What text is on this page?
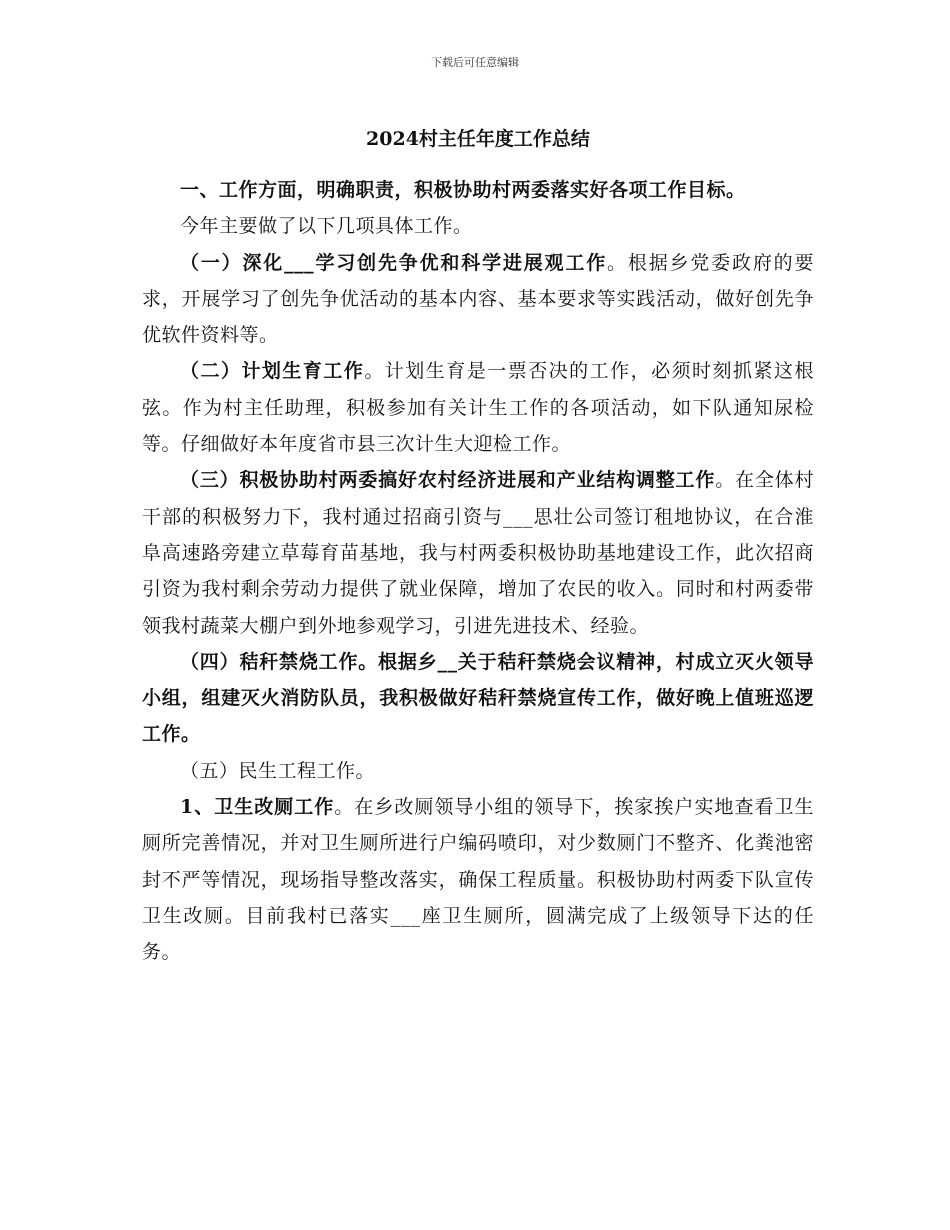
下载后可任意编辑
2024村主任年度工作总结

一、工作方面，明确职责，积极协助村两委落实好各项工作目标。

今年主要做了以下几项具体工作。

（一）深化___学习创先争优和科学进展观工作。根据乡党委政府的要求，开展学习了创先争优活动的基本内容、基本要求等实践活动，做好创先争优软件资料等。

（二）计划生育工作。计划生育是一票否决的工作，必须时刻抓紧这根弦。作为村主任助理，积极参加有关计生工作的各项活动，如下队通知尿检等。仔细做好本年度省市县三次计生大迎检工作。

（三）积极协助村两委搞好农村经济进展和产业结构调整工作。在全体村干部的积极努力下，我村通过招商引资与___思壮公司签订租地协议，在合淮阜高速路旁建立草莓育苗基地，我与村两委积极协助基地建设工作，此次招商引资为我村剩余劳动力提供了就业保障，增加了农民的收入。同时和村两委带领我村蔬菜大棚户到外地参观学习，引进先进技术、经验。

（四）秸秆禁烧工作。根据乡__关于秸秆禁烧会议精神，村成立灭火领导小组，组建灭火消防队员，我积极做好秸秆禁烧宣传工作，做好晚上值班巡逻工作。

（五）民生工程工作。

1、卫生改厕工作。在乡改厕领导小组的领导下，挨家挨户实地查看卫生厕所完善情况，并对卫生厕所进行户编码喷印，对少数厕门不整齐、化粪池密封不严等情况，现场指导整改落实，确保工程质量。积极协助村两委下队宣传卫生改厕。目前我村已落实___座卫生厕所，圆满完成了上级领导下达的任务。
